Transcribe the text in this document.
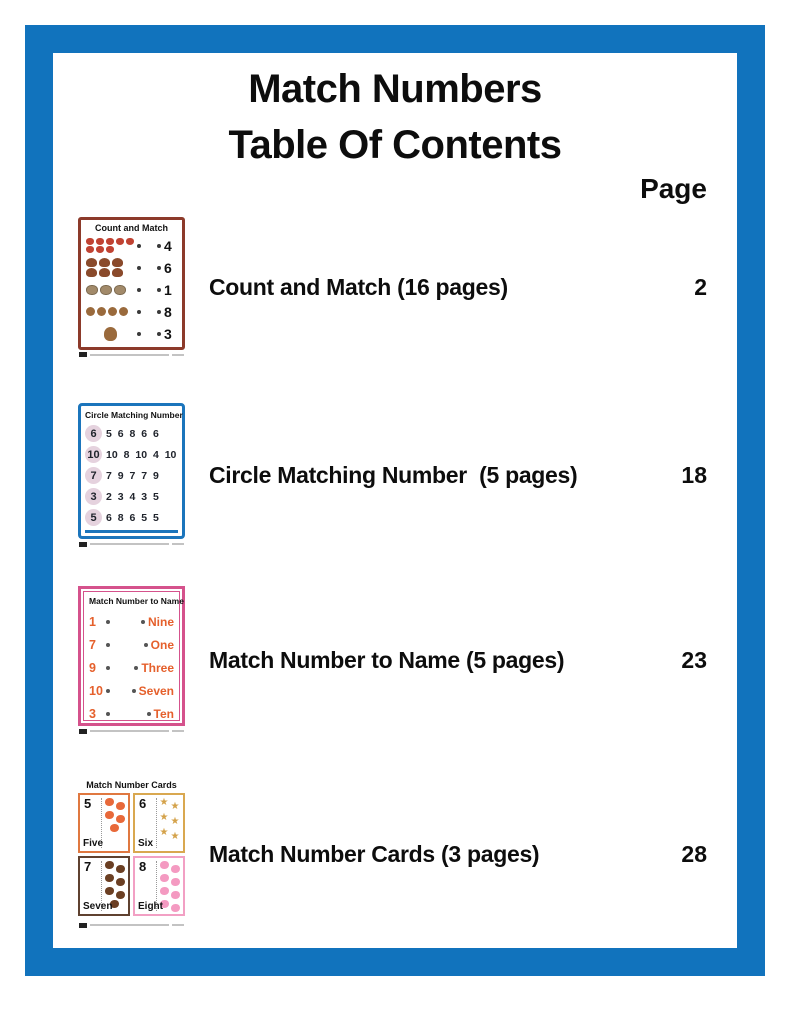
Match Numbers
Table Of Contents
Page
Count and Match
4
6
1
8
3
Count and Match (16 pages)	2
Circle Matching Number
6 5 6 8 6 6
10 10 8 10 4 10
7 7 9 7 7 9
3 2 3 4 3 5
5 6 8 6 5 5
Circle Matching Number  (5 pages)	18
Match Number to Name
1	Nine
7	One
9	Three
10	Seven
3	Ten
Match Number to Name (5 pages)	23
Match Number Cards
5
Five
6	★ ★
★ ★
★ ★
Six
7
Seven
8
Eight
Match Number Cards (3 pages)	28
